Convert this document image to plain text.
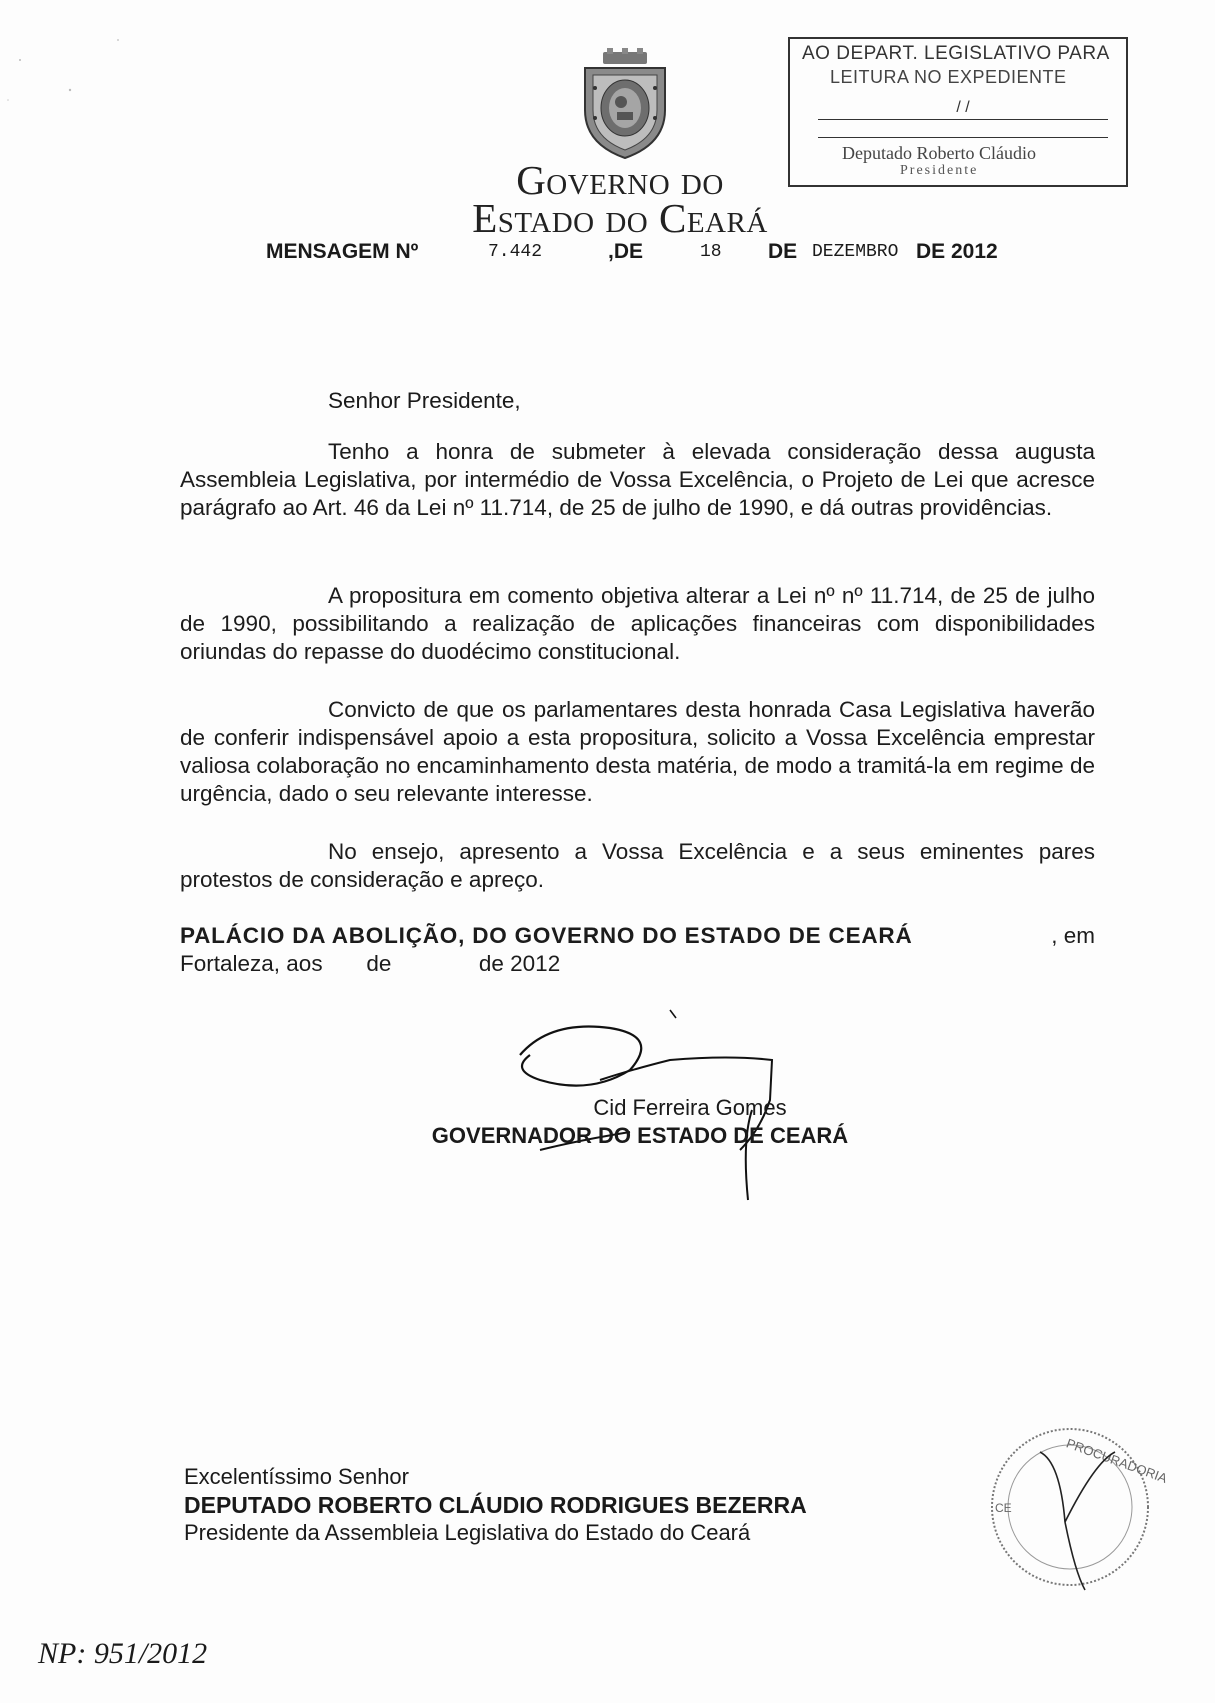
Governo do
Estado do Ceará
AO DEPART. LEGISLATIVO PARA
LEITURA NO EXPEDIENTE
/ /
Deputado Roberto Cláudio
Presidente
MENSAGEM Nº	7.442	,DE	18 DE DEZEMBRO DE 2012
Senhor Presidente,
Tenho a honra de submeter à elevada consideração dessa augusta Assembleia Legislativa, por intermédio de Vossa Excelência, o Projeto de Lei que acresce parágrafo ao Art. 46 da Lei nº 11.714, de 25 de julho de 1990, e dá outras providências.
A propositura em comento objetiva alterar a Lei nº nº 11.714, de 25 de julho de 1990, possibilitando a realização de aplicações financeiras com disponibilidades oriundas do repasse do duodécimo constitucional.
Convicto de que os parlamentares desta honrada Casa Legislativa haverão de conferir indispensável apoio a esta propositura, solicito a Vossa Excelência emprestar valiosa colaboração no encaminhamento desta matéria, de modo a tramitá-la em regime de urgência, dado o seu relevante interesse.
No ensejo, apresento a Vossa Excelência e a seus eminentes pares protestos de consideração e apreço.
PALÁCIO DA ABOLIÇÃO, DO GOVERNO DO ESTADO DE CEARÁ	, em
Fortaleza, aos       de              de 2012
Cid Ferreira Gomes
GOVERNADOR DO ESTADO DE CEARÁ
Excelentíssimo Senhor
DEPUTADO ROBERTO CLÁUDIO RODRIGUES BEZERRA
Presidente da Assembleia Legislativa do Estado do Ceará
PROCURADORIA
CE
NP: 951/2012
